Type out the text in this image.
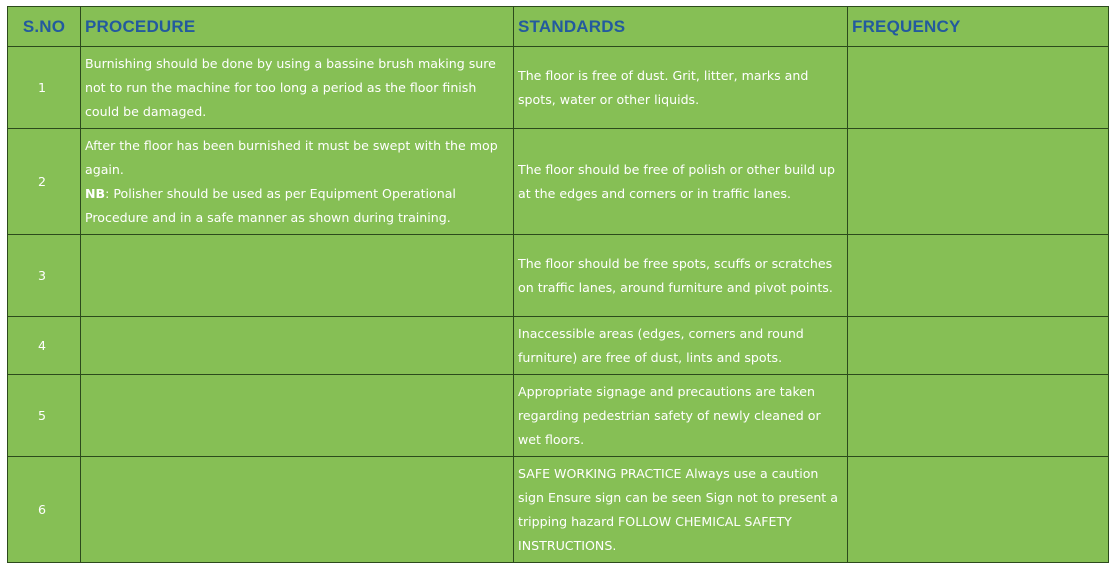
S.NO	PROCEDURE	STANDARDS	FREQUENCY
1	Burnishing should be done by using a bassine brush making sure not to run the machine for too long a period as the floor finish could be damaged.	The floor is free of dust. Grit, litter, marks and spots, water or other liquids.	
2	After the floor has been burnished it must be swept with the mop again.
NB: Polisher should be used as per Equipment Operational Procedure and in a safe manner as shown during training.	The floor should be free of polish or other build up at the edges and corners or in traffic lanes.	
3		The floor should be free spots, scuffs or scratches on traffic lanes, around furniture and pivot points.	
4		Inaccessible areas (edges, corners and round furniture) are free of dust, lints and spots.	
5		Appropriate signage and precautions are taken regarding pedestrian safety of newly cleaned or wet floors.	
6		SAFE WORKING PRACTICE Always use a caution sign Ensure sign can be seen Sign not to present a tripping hazard FOLLOW CHEMICAL SAFETY INSTRUCTIONS.	
